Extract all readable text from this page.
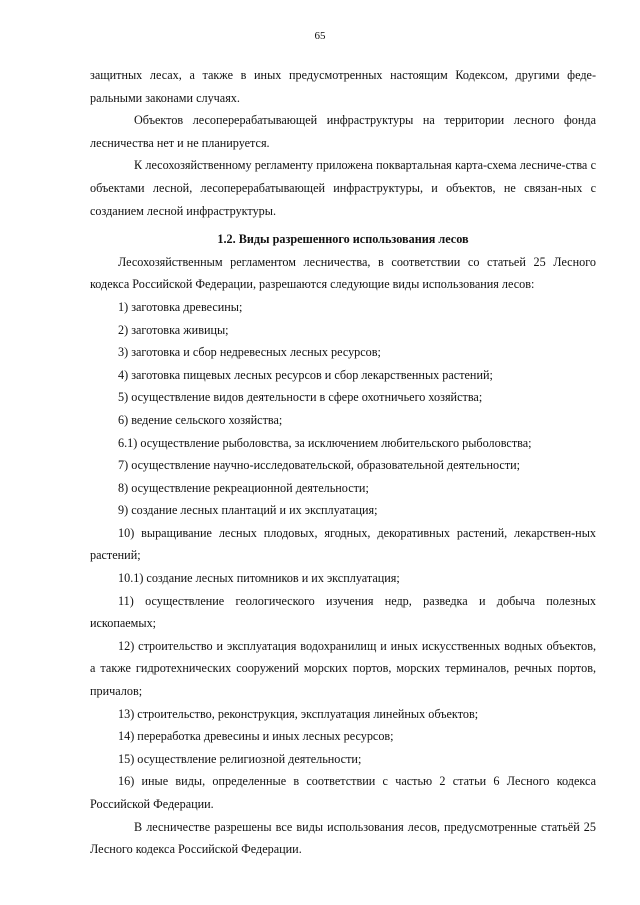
65

защитных лесах, а также в иных предусмотренных настоящим Кодексом, другими феде-ральными законами случаях.

Объектов лесоперерабатывающей инфраструктуры на территории лесного фонда лесничества нет и не планируется.

К лесохозяйственному регламенту приложена поквартальная карта-схема лесниче-ства с объектами лесной, лесоперерабатывающей инфраструктуры, и объектов, не связан-ных с созданием лесной инфраструктуры.

1.2. Виды разрешенного использования лесов

Лесохозяйственным регламентом лесничества, в соответствии со статьей 25 Лесного кодекса Российской Федерации, разрешаются следующие виды использования лесов:

1) заготовка древесины;

2) заготовка живицы;

3) заготовка и сбор недревесных лесных ресурсов;

4) заготовка пищевых лесных ресурсов и сбор лекарственных растений;

5) осуществление видов деятельности в сфере охотничьего хозяйства;

6) ведение сельского хозяйства;

6.1) осуществление рыболовства, за исключением любительского рыболовства;

7) осуществление научно-исследовательской, образовательной деятельности;

8) осуществление рекреационной деятельности;

9) создание лесных плантаций и их эксплуатация;

10) выращивание лесных плодовых, ягодных, декоративных растений, лекарствен-ных растений;

10.1) создание лесных питомников и их эксплуатация;

11) осуществление геологического изучения недр, разведка и добыча полезных ископаемых;

12) строительство и эксплуатация водохранилищ и иных искусственных водных объектов, а также гидротехнических сооружений морских портов, морских терминалов, речных портов, причалов;

13) строительство, реконструкция, эксплуатация линейных объектов;

14) переработка древесины и иных лесных ресурсов;

15) осуществление религиозной деятельности;

16) иные виды, определенные в соответствии с частью 2 статьи 6 Лесного кодекса Российской Федерации.

В лесничестве разрешены все виды использования лесов, предусмотренные статьёй 25 Лесного кодекса Российской Федерации.
